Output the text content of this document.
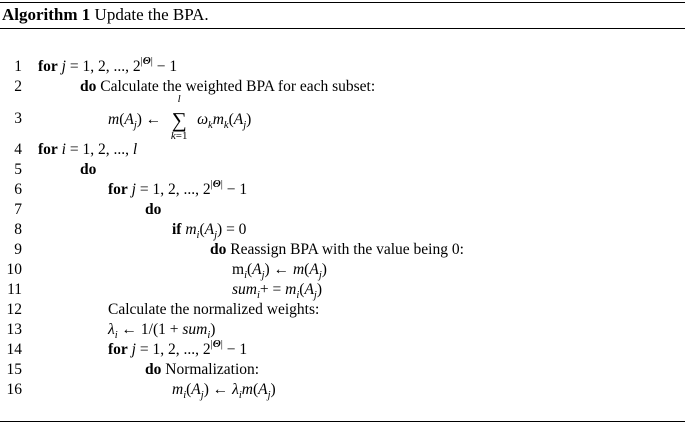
Algorithm 1 Update the BPA.
1 for j = 1, 2, ..., $2^{|\Theta|} - 1$
2	do Calculate the weighted BPA for each subset:
3	$m(A_j)$ ←
l
∑
k=1
$\omega_km_k(A_j)$
4 for i = 1, 2, ..., l
5	do
6	for j = 1, 2, ..., $2^{|\Theta|} - 1$
7	do
8	if $m_i(A_j) = 0$
9	do Reassign BPA with the value being 0:
10	$m_i(A_j)$ ← $m(A_j)$
11	$sum_i+ = m_i(A_j)$
12	Calculate the normalized weights:
13	$\lambda_i$ ← 1/(1 + sum$_i$)
14	for j = 1, 2, ..., $2^{|\Theta|} - 1$
15	do Normalization:
16	$m_i(A_j)$ ← $\lambda_im(A_j)$
